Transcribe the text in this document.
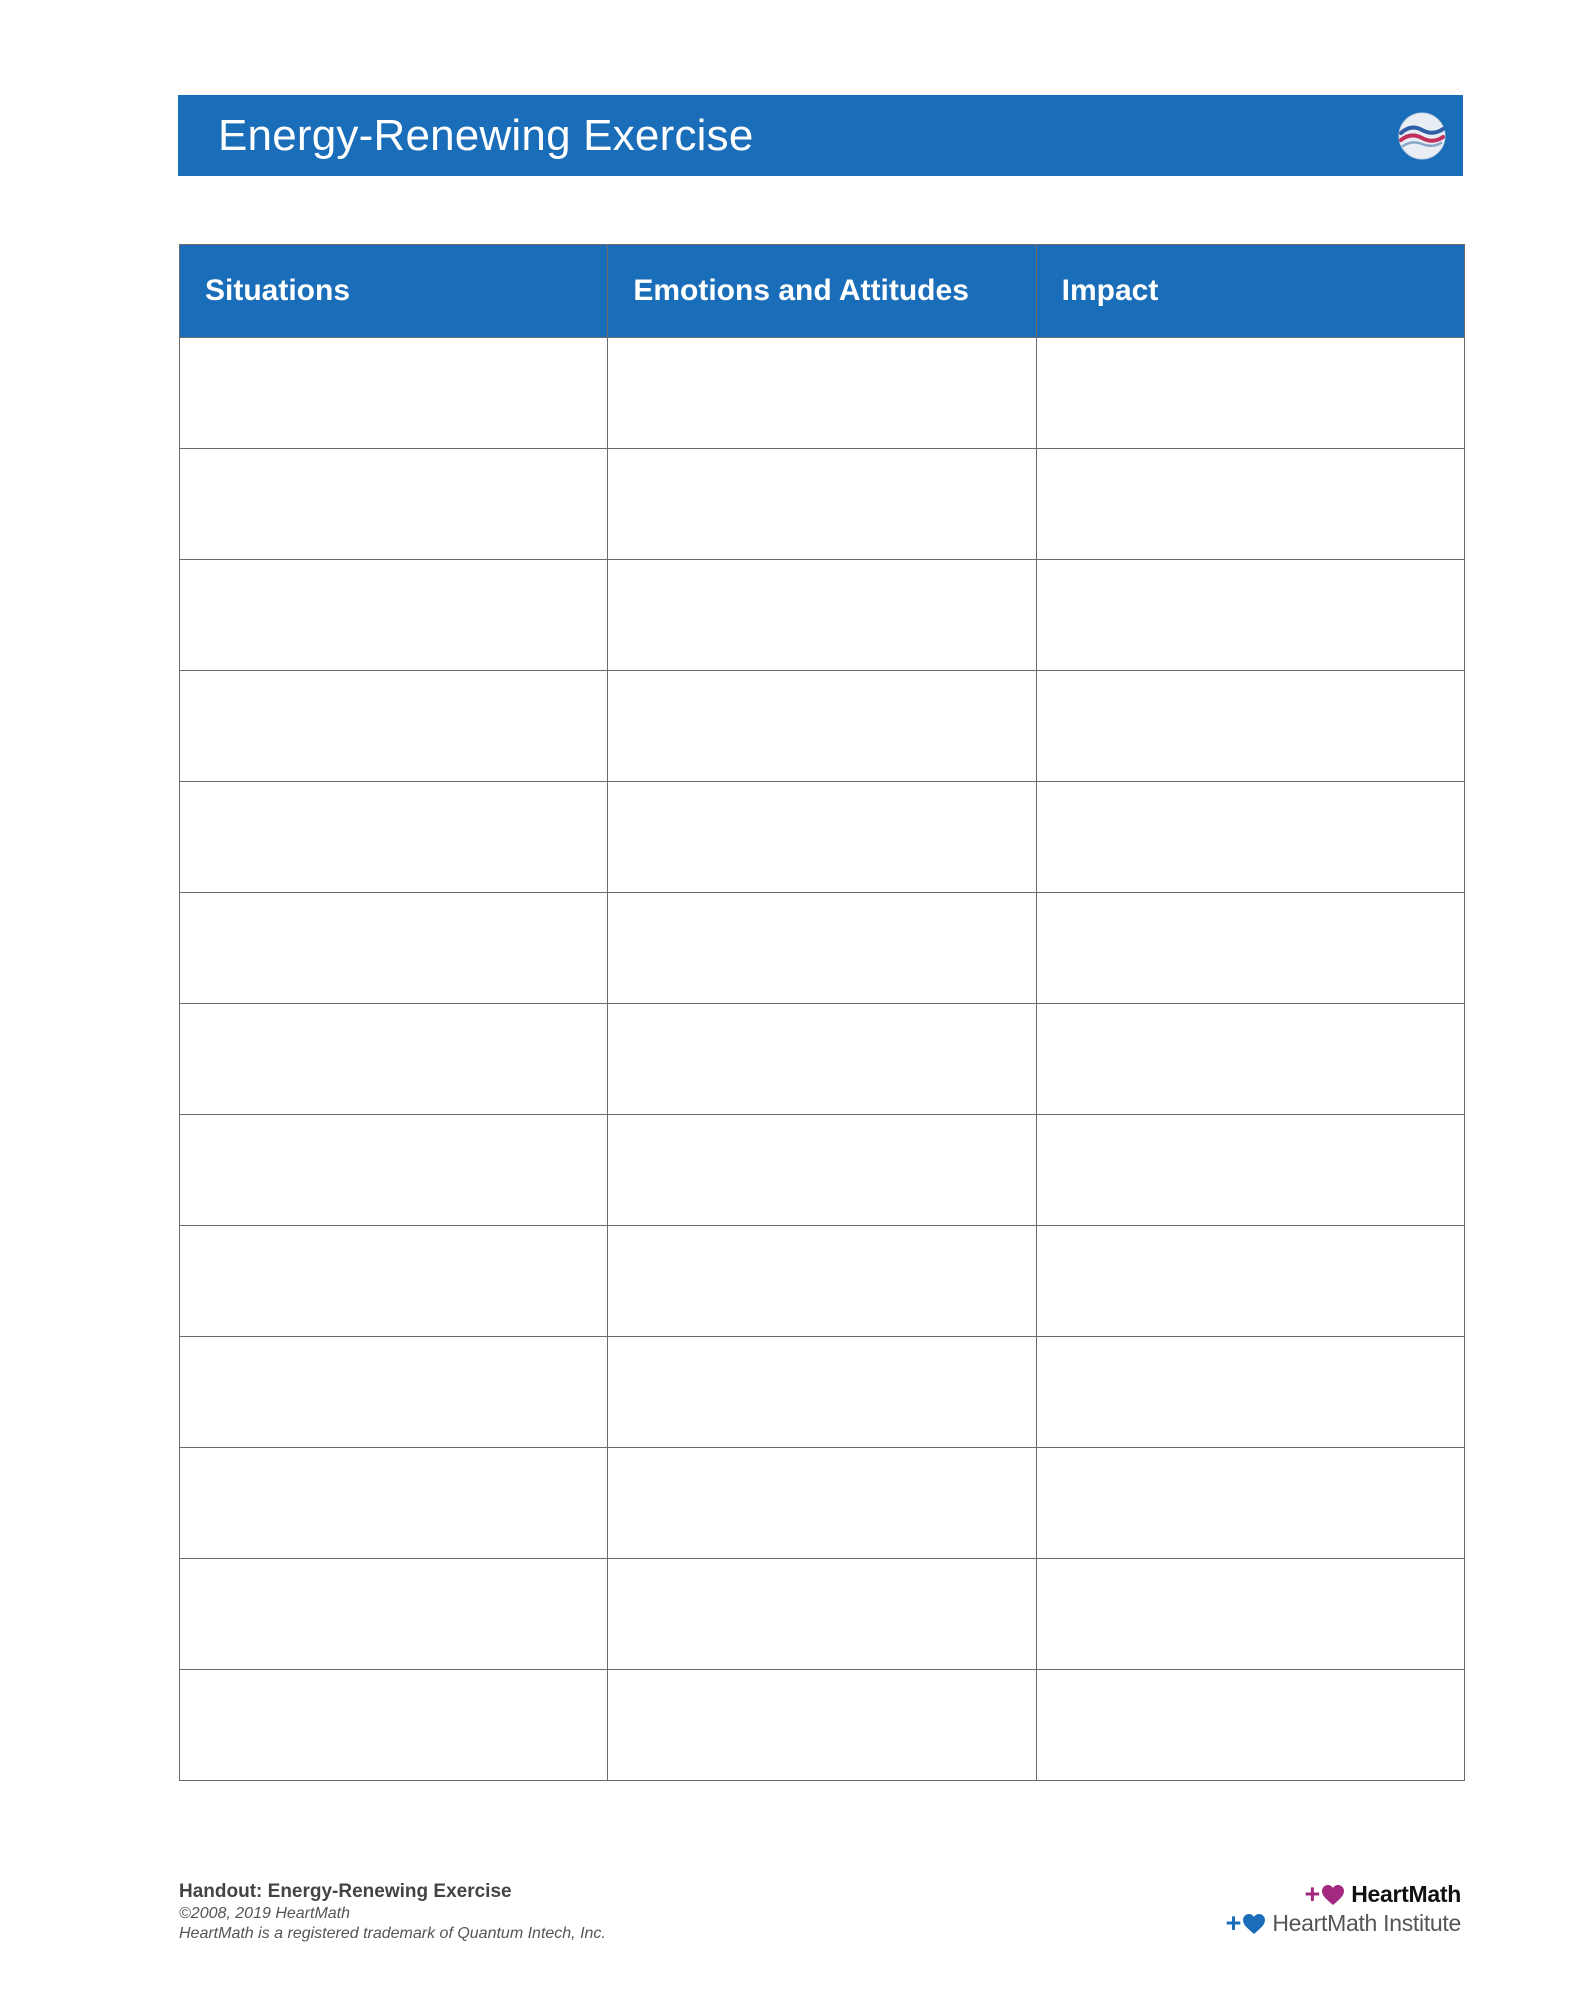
Energy-Renewing Exercise
Situations	Emotions and Attitudes	Impact

Handout: Energy-Renewing Exercise
©2008, 2019 HeartMath
HeartMath is a registered trademark of Quantum Intech, Inc.
+ HeartMath
+ HeartMath Institute
